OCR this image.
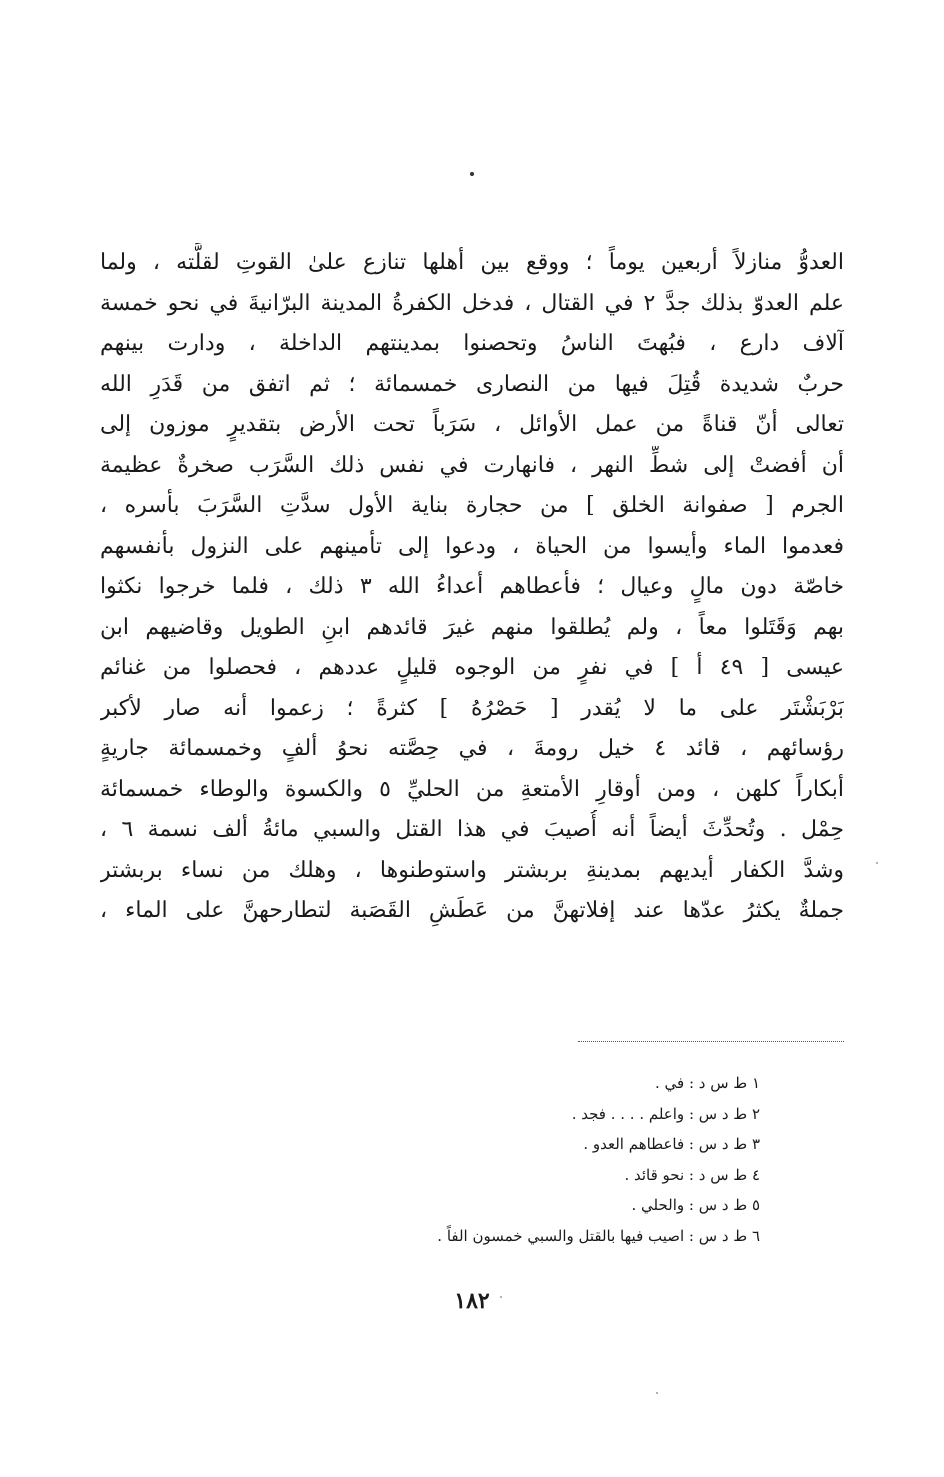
العدوُّ منازلاً أربعين يوماً ؛ ووقع بين أهلها تنازع علىٰ القوتِ لقلَّته ، ولما
علم العدوّ بذلك جدَّ ٢ في القتال ، فدخل الكفرةُ المدينة البرّانيةَ في نحو خمسة
آلاف دارع ، فبُهتَ الناسُ وتحصنوا بمدينتهم الداخلة ، ودارت بينهم
حربٌ شديدة قُتِلَ فيها من النصارى خمسمائة ؛ ثم اتفق من قَدَرِ الله
تعالى أنّ قناةً من عمل الأوائل ، سَرَباً تحت الأرض بتقديرٍ موزون إلى
أن أفضتْ إلى شطِّ النهر ، فانهارت في نفس ذلك السَّرَب صخرةٌ عظيمة
الجرم [ صفوانة الخلق ] من حجارة بناية الأول سدَّتِ السَّرَبَ بأسره ،
فعدموا الماء وأيسوا من الحياة ، ودعوا إلى تأمينهم على النزول بأنفسهم
خاصّة دون مالٍ وعيال ؛ فأعطاهم أعداءُ الله ٣ ذلك ، فلما خرجوا نكثوا
بهم وَقَتَلوا معاً ، ولم يُطلقوا منهم غيرَ قائدهم ابنِ الطويل وقاضيهم ابن
عيسى [ ٤٩ أ ] في نفرٍ من الوجوه قليلٍ عددهم ، فحصلوا من غنائم
بَرْبَشْتَر على ما لا يُقدر [ حَصْرُهُ ] كثرةً ؛ زعموا أنه صار لأكبر
رؤسائهم ، قائد ٤ خيل رومةَ ، في حِصَّته نحوُ ألفٍ وخمسمائة جاريةٍ
أبكاراً كلهن ، ومن أوقارِ الأمتعةِ من الحليِّ ٥ والكسوة والوطاء خمسمائة
حِمْل . وتُحدِّثَ أيضاً أنه أُصيبَ في هذا القتل والسبي مائةُ ألف نسمة ٦ ،
وشدَّ الكفار أيديهم بمدينةِ بربشتر واستوطنوها ، وهلك من نساء بربشتر
جملةٌ يكثرُ عدّها عند إفلاتهنَّ من عَطَشِ القَصَبة لتطارحهنَّ على الماء ،
١ ط س د : في .
٢ ط د س : واعلم . . . . فجد .
٣ ط د س : فاعطاهم العدو .
٤ ط س د : نحو قائد .
٥ ط د س : والحلي .
٦ ط د س : اصيب فيها بالقتل والسبي خمسون الفاً .
١٨٢
